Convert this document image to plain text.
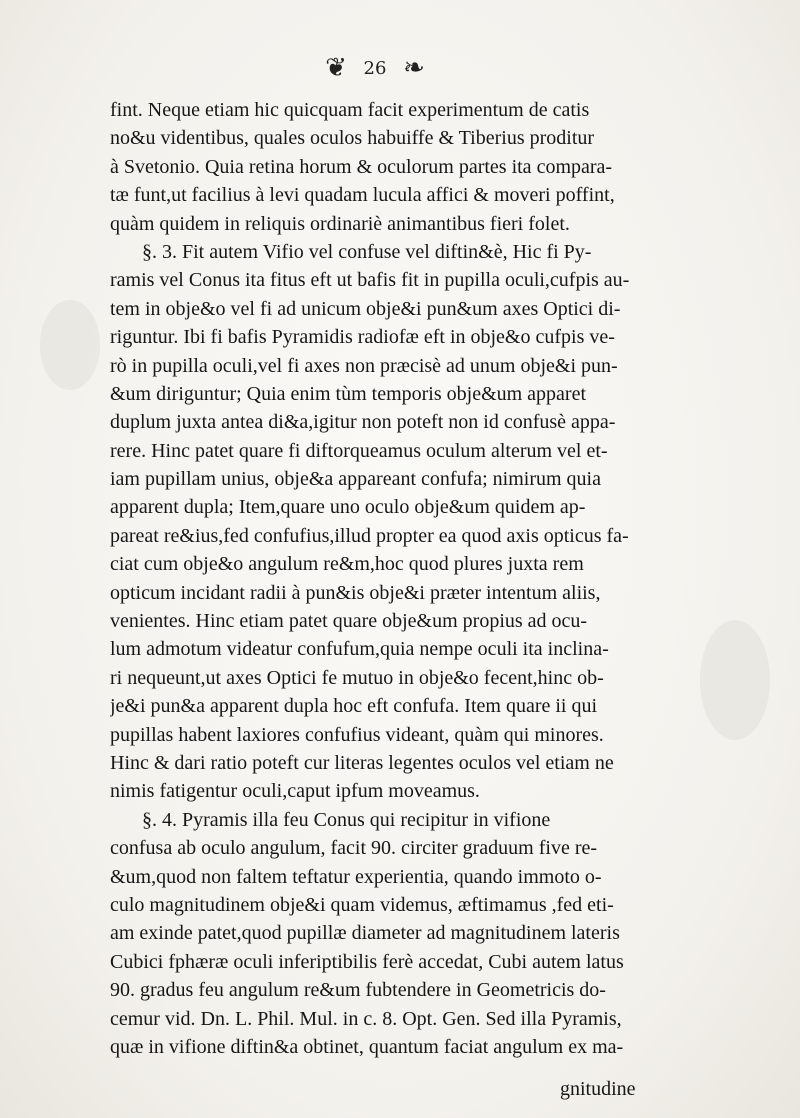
❦ 26 ❧
fint. Neque etiam hic quicquam facit experimentum de catis
no&u videntibus, quales oculos habuiffe & Tiberius proditur
à Svetonio. Quia retina horum & oculorum partes ita compara-
tæ funt,ut facilius à levi quadam lucula affici & moveri poffint,
quàm quidem in reliquis ordinariè animantibus fieri folet.
§. 3. Fit autem Vifio vel confuse vel diftin&è, Hic fi Py-
ramis vel Conus ita fitus eft ut bafis fit in pupilla oculi,cufpis au-
tem in obje&o vel fi ad unicum obje&i pun&um axes Optici di-
riguntur. Ibi fi bafis Pyramidis radiofæ eft in obje&o cufpis ve-
rò in pupilla oculi,vel fi axes non præcisè ad unum obje&i pun-
&um diriguntur; Quia enim tùm temporis obje&um apparet
duplum juxta antea di&a,igitur non poteft non id confusè appa-
rere. Hinc patet quare fi diftorqueamus oculum alterum vel et-
iam pupillam unius, obje&a appareant confufa; nimirum quia
apparent dupla; Item,quare uno oculo obje&um quidem ap-
pareat re&ius,fed confufius,illud propter ea quod axis opticus fa-
ciat cum obje&o angulum re&m,hoc quod plures juxta rem
opticum incidant radii à pun&is obje&i præter intentum aliis,
venientes. Hinc etiam patet quare obje&um propius ad ocu-
lum admotum videatur confufum,quia nempe oculi ita inclina-
ri nequeunt,ut axes Optici fe mutuo in obje&o fecent,hinc ob-
je&i pun&a apparent dupla hoc eft confufa. Item quare ii qui
pupillas habent laxiores confufius videant, quàm qui minores.
Hinc & dari ratio poteft cur literas legentes oculos vel etiam ne
nimis fatigentur oculi,caput ipfum moveamus.
§. 4. Pyramis illa feu Conus qui recipitur in vifione
confusa ab oculo angulum, facit 90. circiter graduum five re-
&um,quod non faltem teftatur experientia, quando immoto o-
culo magnitudinem obje&i quam videmus, æftimamus ,fed eti-
am exinde patet,quod pupillæ diameter ad magnitudinem lateris
Cubici fphæræ oculi inferiptibilis ferè accedat, Cubi autem latus
90. gradus feu angulum re&um fubtendere in Geometricis do-
cemur vid. Dn. L. Phil. Mul. in c. 8. Opt. Gen. Sed illa Pyramis,
quæ in vifione diftin&a obtinet, quantum faciat angulum ex ma-
gnitudine
